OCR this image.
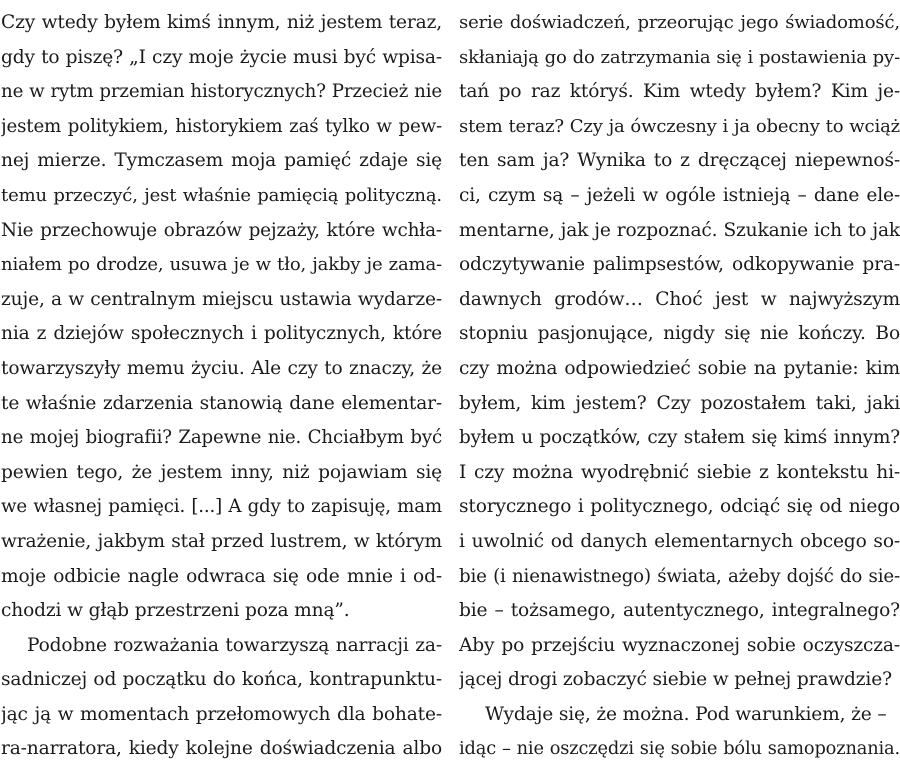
Czy wtedy byłem kimś innym, niż jestem teraz,
gdy to piszę? „I czy moje życie musi być wpisa-
ne w rytm przemian historycznych? Przecież nie
jestem politykiem, historykiem zaś tylko w pew-
nej mierze. Tymczasem moja pamięć zdaje się
temu przeczyć, jest właśnie pamięcią polityczną.
Nie przechowuje obrazów pejzaży, które wchła-
niałem po drodze, usuwa je w tło, jakby je zama-
zuje, a w centralnym miejscu ustawia wydarze-
nia z dziejów społecznych i politycznych, które
towarzyszyły memu życiu. Ale czy to znaczy, że
te właśnie zdarzenia stanowią dane elementar-
ne mojej biografii? Zapewne nie. Chciałbym być
pewien tego, że jestem inny, niż pojawiam się
we własnej pamięci. [...] A gdy to zapisuję, mam
wrażenie, jakbym stał przed lustrem, w którym
moje odbicie nagle odwraca się ode mnie i od-
chodzi w głąb przestrzeni poza mną”.
Podobne rozważania towarzyszą narracji za-
sadniczej od początku do końca, kontrapunktu-
jąc ją w momentach przełomowych dla bohate-
ra-narratora, kiedy kolejne doświadczenia albo
serie doświadczeń, przeorując jego świadomość,
skłaniają go do zatrzymania się i postawienia py-
tań po raz któryś. Kim wtedy byłem? Kim je-
stem teraz? Czy ja ówczesny i ja obecny to wciąż
ten sam ja? Wynika to z dręczącej niepewnoś-
ci, czym są – jeżeli w ogóle istnieją – dane ele-
mentarne, jak je rozpoznać. Szukanie ich to jak
odczytywanie palimpsestów, odkopywanie pra-
dawnych grodów… Choć jest w najwyższym
stopniu pasjonujące, nigdy się nie kończy. Bo
czy można odpowiedzieć sobie na pytanie: kim
byłem, kim jestem? Czy pozostałem taki, jaki
byłem u początków, czy stałem się kimś innym?
I czy można wyodrębnić siebie z kontekstu hi-
storycznego i politycznego, odciąć się od niego
i uwolnić od danych elementarnych obcego so-
bie (i nienawistnego) świata, ażeby dojść do sie-
bie – tożsamego, autentycznego, integralnego?
Aby po przejściu wyznaczonej sobie oczyszcza-
jącej drogi zobaczyć siebie w pełnej prawdzie?
Wydaje się, że można. Pod warunkiem, że –
idąc – nie oszczędzi się sobie bólu samopoznania.
